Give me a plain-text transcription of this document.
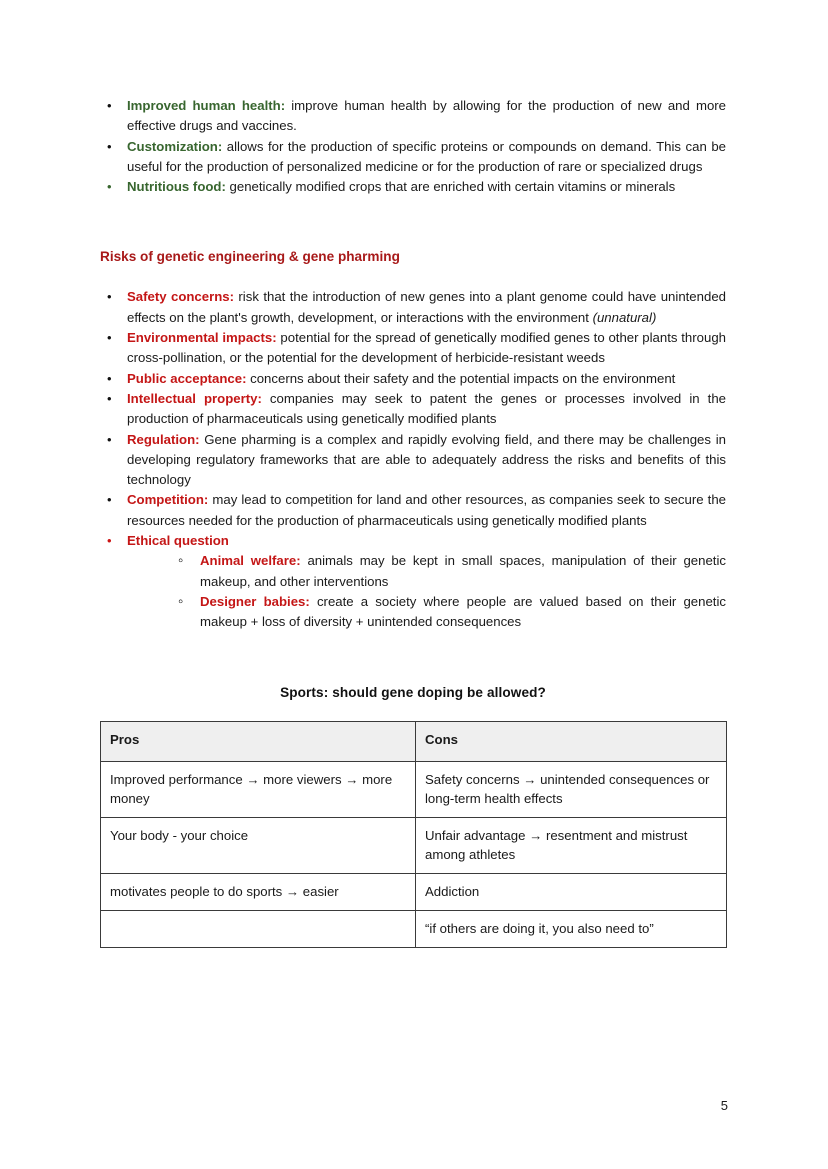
•
Improved human health: improve human health by allowing for the production of new and more effective drugs and vaccines.
•
Customization: allows for the production of specific proteins or compounds on demand. This can be useful for the production of personalized medicine or for the production of rare or specialized drugs
•
Nutritious food: genetically modified crops that are enriched with certain vitamins or minerals
Risks of genetic engineering & gene pharming
•
Safety concerns: risk that the introduction of new genes into a plant genome could have unintended effects on the plant's growth, development, or interactions with the environment (unnatural)
•
Environmental impacts: potential for the spread of genetically modified genes to other plants through cross-pollination, or the potential for the development of herbicide-resistant weeds
•
Public acceptance: concerns about their safety and the potential impacts on the environment
•
Intellectual property: companies may seek to patent the genes or processes involved in the production of pharmaceuticals using genetically modified plants
•
Regulation: Gene pharming is a complex and rapidly evolving field, and there may be challenges in developing regulatory frameworks that are able to adequately address the risks and benefits of this technology
•
Competition: may lead to competition for land and other resources, as companies seek to secure the resources needed for the production of pharmaceuticals using genetically modified plants
•
Ethical question
◦
Animal welfare: animals may be kept in small spaces, manipulation of their genetic makeup, and other interventions
◦
Designer babies: create a society where people are valued based on their genetic makeup + loss of diversity + unintended consequences
Sports: should gene doping be allowed?
Pros	Cons
Improved performance → more viewers → more money	Safety concerns → unintended consequences or long-term health effects
Your body - your choice	Unfair advantage → resentment and mistrust among athletes
motivates people to do sports → easier	Addiction
	“if others are doing it, you also need to”
5
